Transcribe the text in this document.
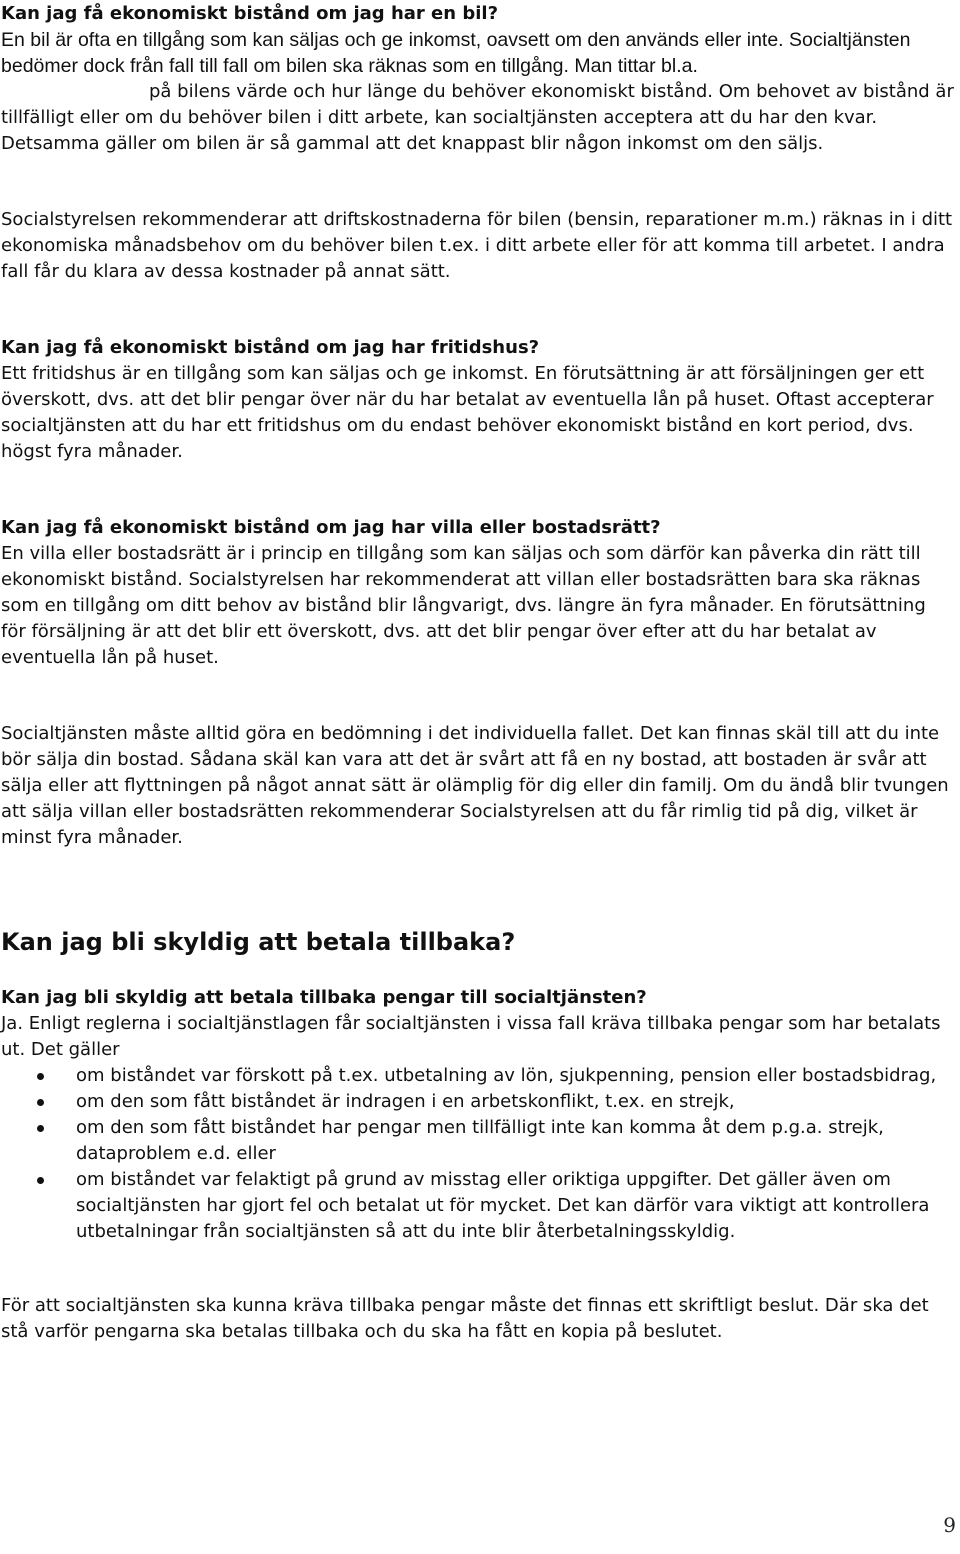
Kan jag få ekonomiskt bistånd om jag har en bil?

En bil är ofta en tillgång som kan säljas och ge inkomst, oavsett om den används eller inte. Socialtjänsten bedömer dock från fall till fall om bilen ska räknas som en tillgång. Man tittar bl.a.

på bilens värde och hur länge du behöver ekonomiskt bistånd. Om behovet av bistånd är tillfälligt eller om du behöver bilen i ditt arbete, kan socialtjänsten acceptera att du har den kvar. Detsamma gäller om bilen är så gammal att det knappast blir någon inkomst om den säljs.

Socialstyrelsen rekommenderar att driftskostnaderna för bilen (bensin, reparationer m.m.) räknas in i ditt ekonomiska månadsbehov om du behöver bilen t.ex. i ditt arbete eller för att komma till arbetet. I andra fall får du klara av dessa kostnader på annat sätt.

Kan jag få ekonomiskt bistånd om jag har fritidshus?

Ett fritidshus är en tillgång som kan säljas och ge inkomst. En förutsättning är att försäljningen ger ett överskott, dvs. att det blir pengar över när du har betalat av eventuella lån på huset. Oftast accepterar socialtjänsten att du har ett fritidshus om du endast behöver ekonomiskt bistånd en kort period, dvs. högst fyra månader.

Kan jag få ekonomiskt bistånd om jag har villa eller bostadsrätt?

En villa eller bostadsrätt är i princip en tillgång som kan säljas och som därför kan påverka din rätt till ekonomiskt bistånd. Socialstyrelsen har rekommenderat att villan eller bostadsrätten bara ska räknas som en tillgång om ditt behov av bistånd blir långvarigt, dvs. längre än fyra månader. En förutsättning för försäljning är att det blir ett överskott, dvs. att det blir pengar över efter att du har betalat av eventuella lån på huset.

Socialtjänsten måste alltid göra en bedömning i det individuella fallet. Det kan finnas skäl till att du inte bör sälja din bostad. Sådana skäl kan vara att det är svårt att få en ny bostad, att bostaden är svår att sälja eller att flyttningen på något annat sätt är olämplig för dig eller din familj. Om du ändå blir tvungen att sälja villan eller bostadsrätten rekommenderar Socialstyrelsen att du får rimlig tid på dig, vilket är minst fyra månader.

Kan jag bli skyldig att betala tillbaka?
Kan jag bli skyldig att betala tillbaka pengar till socialtjänsten?

Ja. Enligt reglerna i socialtjänstlagen får socialtjänsten i vissa fall kräva tillbaka pengar som har betalats ut. Det gäller

om biståndet var förskott på t.ex. utbetalning av lön, sjukpenning, pension eller bostadsbidrag,
om den som fått biståndet är indragen i en arbetskonflikt, t.ex. en strejk,
om den som fått biståndet har pengar men tillfälligt inte kan komma åt dem p.g.a. strejk, dataproblem e.d. eller
om biståndet var felaktigt på grund av misstag eller oriktiga uppgifter. Det gäller även om socialtjänsten har gjort fel och betalat ut för mycket. Det kan därför vara viktigt att kontrollera utbetalningar från socialtjänsten så att du inte blir återbetalningsskyldig.

För att socialtjänsten ska kunna kräva tillbaka pengar måste det finnas ett skriftligt beslut. Där ska det stå varför pengarna ska betalas tillbaka och du ska ha fått en kopia på beslutet.

9
